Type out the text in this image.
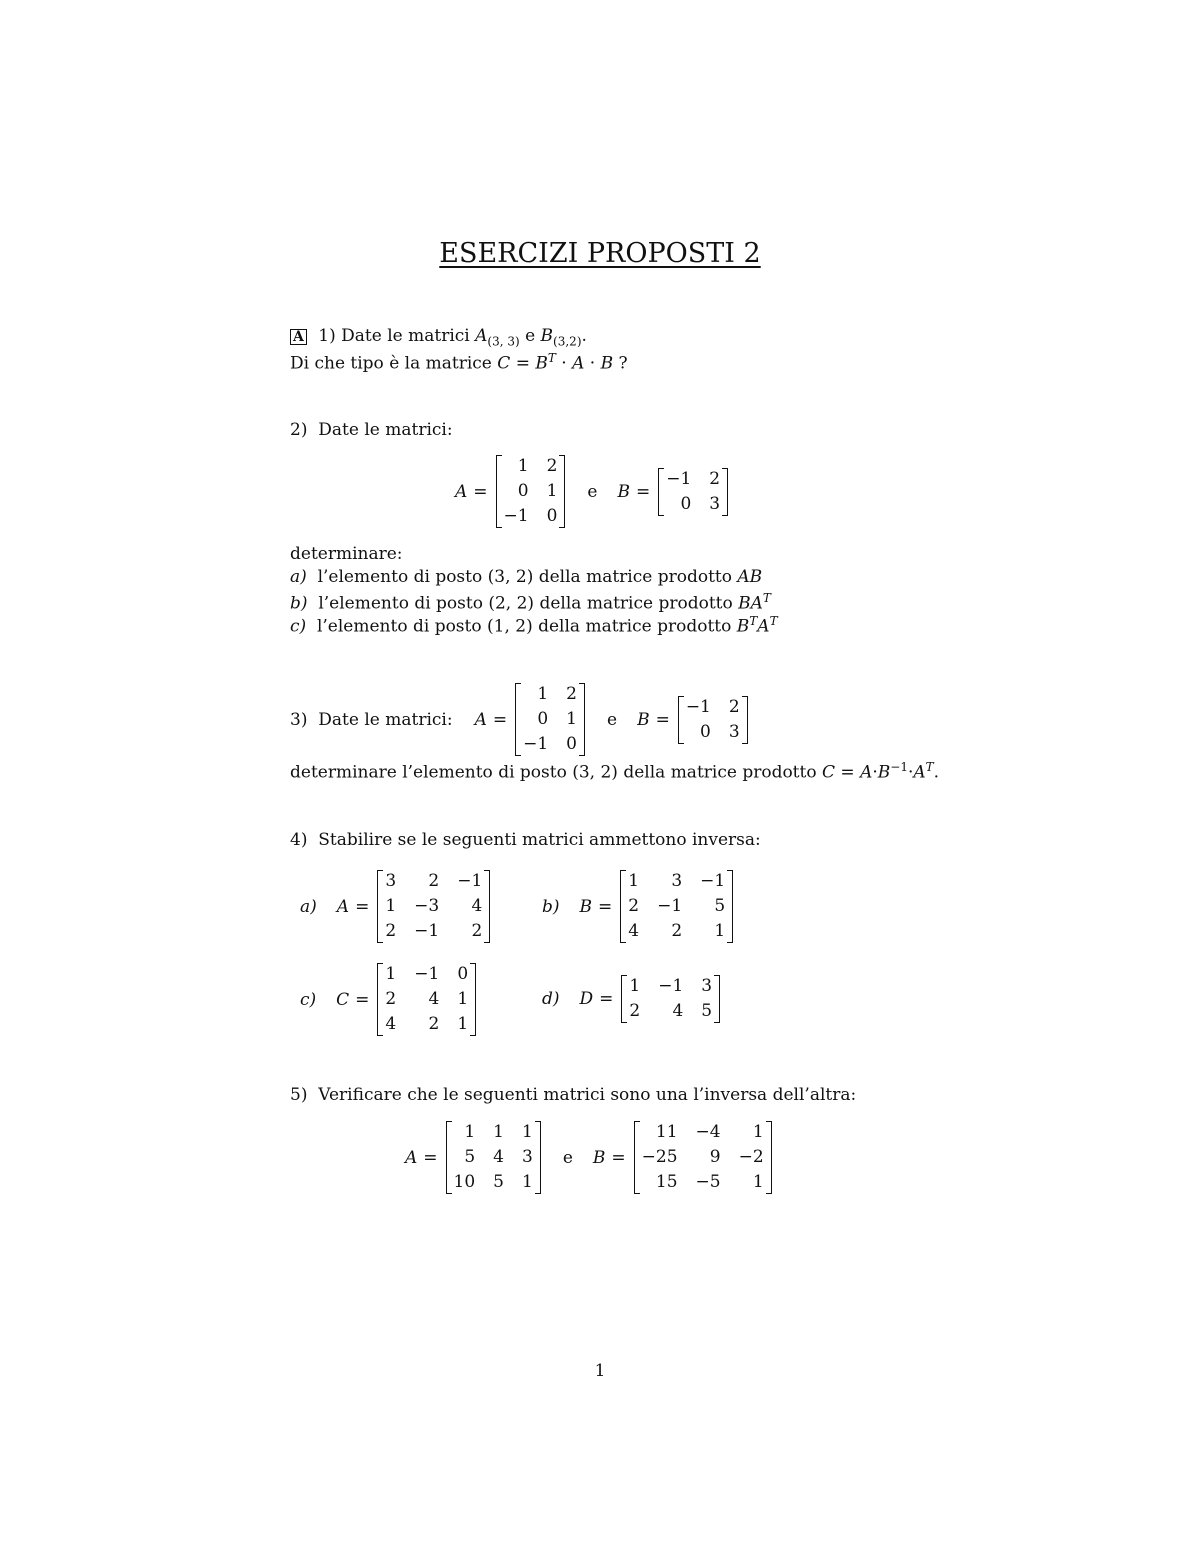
ESERCIZI PROPOSTI 2
A 1) Date le matrici $A_{(3, 3)}$ e $B_{(3,2)}$.
Di che tipo è la matrice $C = B^T \cdot A \cdot B$ ?
2) Date le matrici:
A =
1 2
0 1
−1 0
e B =
−1 2
0 3
determinare:
a) l’elemento di posto (3, 2) della matrice prodotto AB
b) l’elemento di posto (2, 2) della matrice prodotto $BA^T$
c) l’elemento di posto (1, 2) della matrice prodotto $B^TA^T$
3)
Date le matrici: A =
1 2
0 1
−1 0
e B =
−1 2
0 3
determinare l’elemento di posto (3, 2) della matrice prodotto $C = A\cdot B^{-1}\cdot A^T$.
4) Stabilire se le seguenti matrici ammettono inversa:
a) A =
3	2 −1
1 −3	4
2 −1	2
b) B =
1	3 −1
2 −1	5
4	2	1
c) C =
1 −1 0
2	4 1
4	2 1
d) D =
1 −1 3
2	4 5
5) Verificare che le seguenti matrici sono una l’inversa dell’altra:
A =
1 1 1
5 4 3
10 5 1
e B =
11 −4	1
−25	9 −2
15 −5	1
1
